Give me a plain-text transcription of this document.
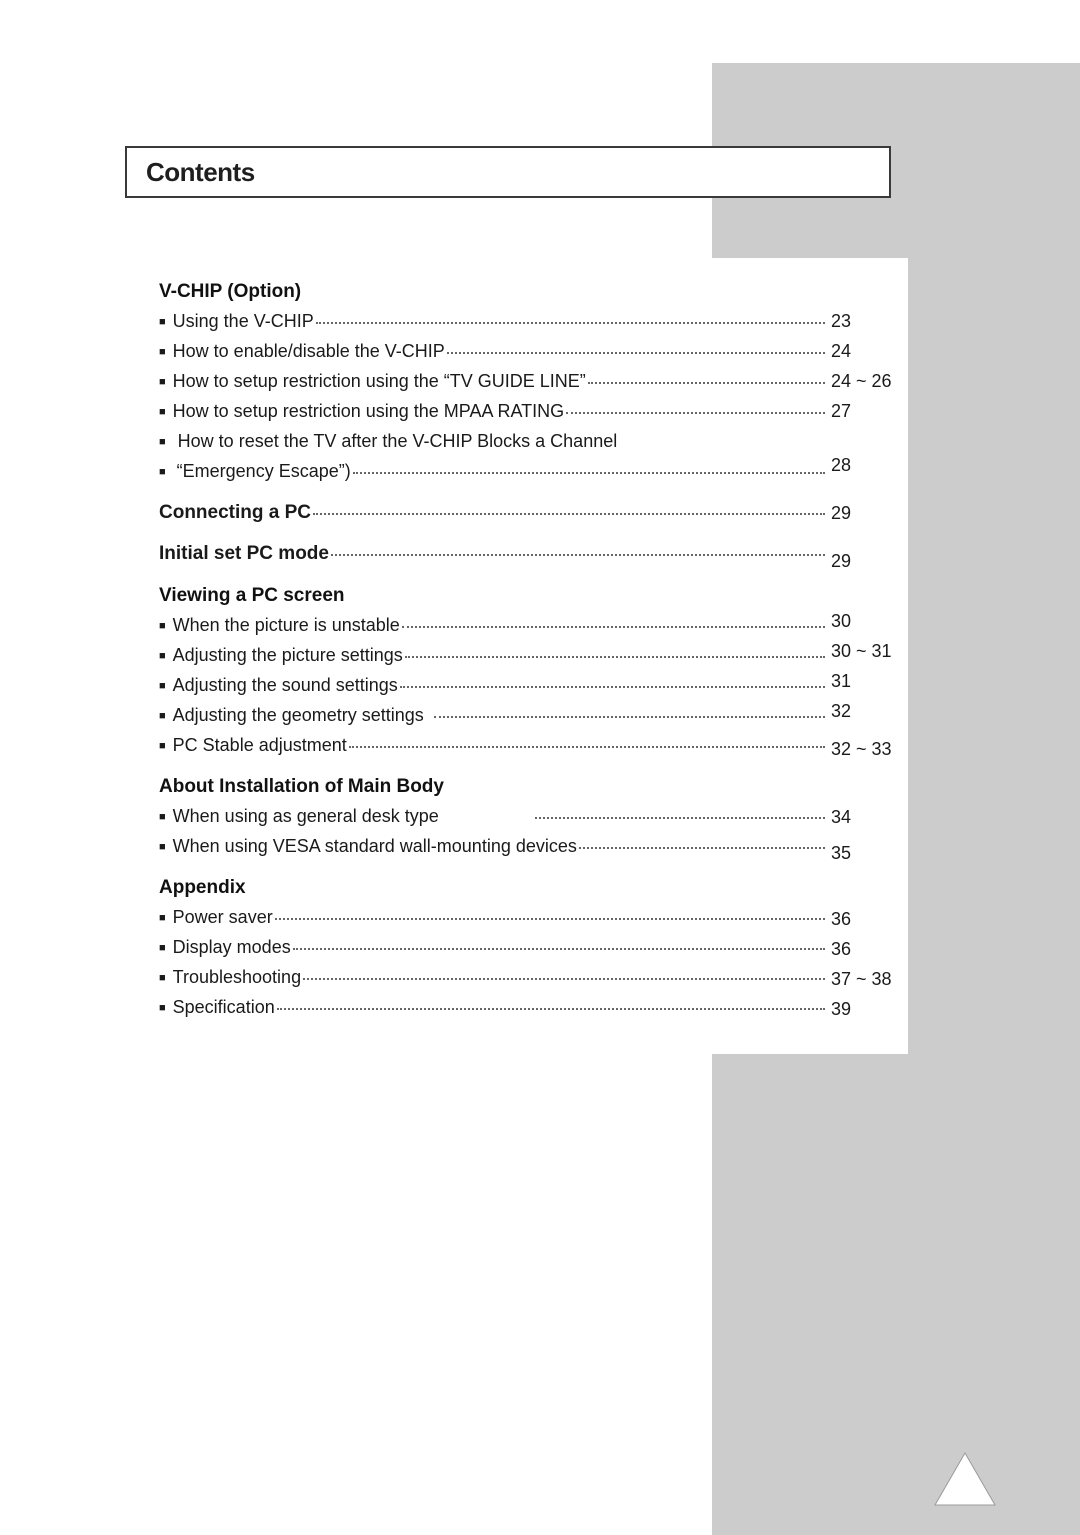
Contents
V-CHIP (Option)
■ Using the V-CHIP	23
■ How to enable/disable the V-CHIP	24
■ How to setup restriction using the “TV GUIDE LINE”	24 ~ 26
■ How to setup restriction using the MPAA RATING	27
■ How to reset the TV after the V-CHIP Blocks a Channel
■ “Emergency Escape”)	28
Connecting a PC	29
Initial set PC mode	29
Viewing a PC screen
■ When the picture is unstable	30
■ Adjusting the picture settings	30 ~ 31
■ Adjusting the sound settings	31
■ Adjusting the geometry settings	32
■ PC Stable adjustment	32 ~ 33
About Installation of Main Body
■ When using as general desk type	34
■ When using VESA standard wall-mounting devices	35
Appendix
■ Power saver	36
■ Display modes	36
■ Troubleshooting	37 ~ 38
■ Specification	39
